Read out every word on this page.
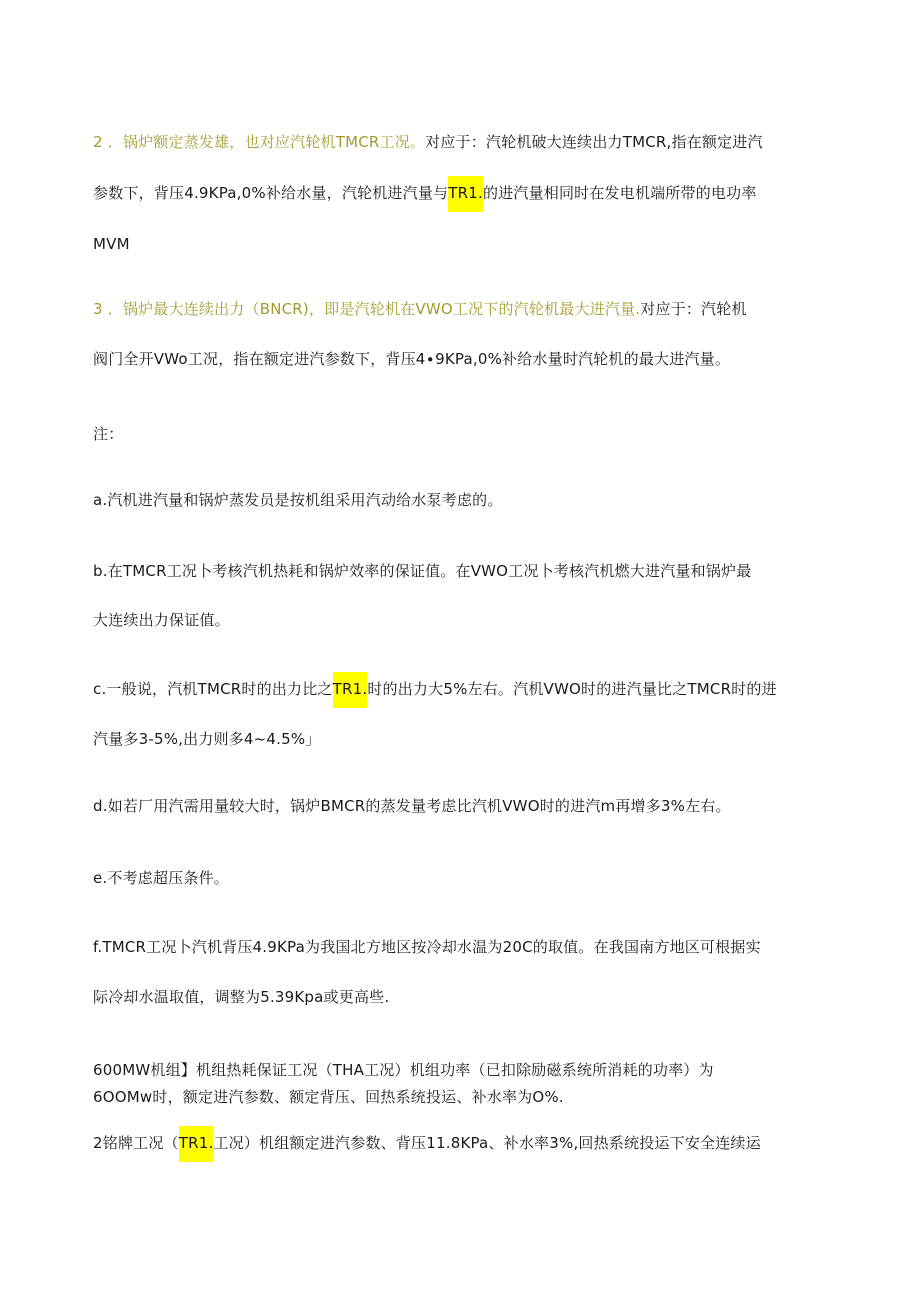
2 ．锅炉额定蒸发雄，也对应汽轮机TMCR工况。对应于：汽轮机破大连续出力TMCR,指在额定进汽
参数下，背压4.9KPa,0%补给水量，汽轮机进汽量与TR1.的进汽量相同时在发电机端所带的电功率
MVM
3 ．锅炉最大连续出力（BNCR)，即是汽轮机在VWO工况下的汽轮机最大进汽量.对应于：汽轮机
阀门全开VWo工况，指在额定进汽参数下，背压4∙9KPa,0%补给水量时汽轮机的最大进汽量。
注：
a.汽机进汽量和锅炉蒸发员是按机组采用汽动给水泵考虑的。
b.在TMCR工况卜考核汽机热耗和锅炉效率的保证值。在VWO工况卜考核汽机燃大进汽量和锅炉最
大连续出力保证值。
c.一般说，汽机TMCR时的出力比之TR1.时的出力大5%左右。汽机VWO时的进汽量比之TMCR时的进
汽量多3-5%,出力则多4~4.5%」
d.如若厂用汽需用量较大时，锅炉BMCR的蒸发量考虑比汽机VWO时的进汽m再增多3%左右。
e.不考虑超压条件。
f.TMCR工况卜汽机背压4.9KPa为我国北方地区按冷却水温为20C的取值。在我国南方地区可根据实
际冷却水温取值，调整为5.39Kpa或更高些.
600MW机组】机组热耗保证工况（THA工况）机组功率（已扣除励磁系统所消耗的功率）为
6OOMw时，额定进汽参数、额定背压、回热系统投运、补水率为O%.
2铭牌工况（TR1.工况）机组额定进汽参数、背压11.8KPa、补水率3%,回热系统投运下安全连续运
